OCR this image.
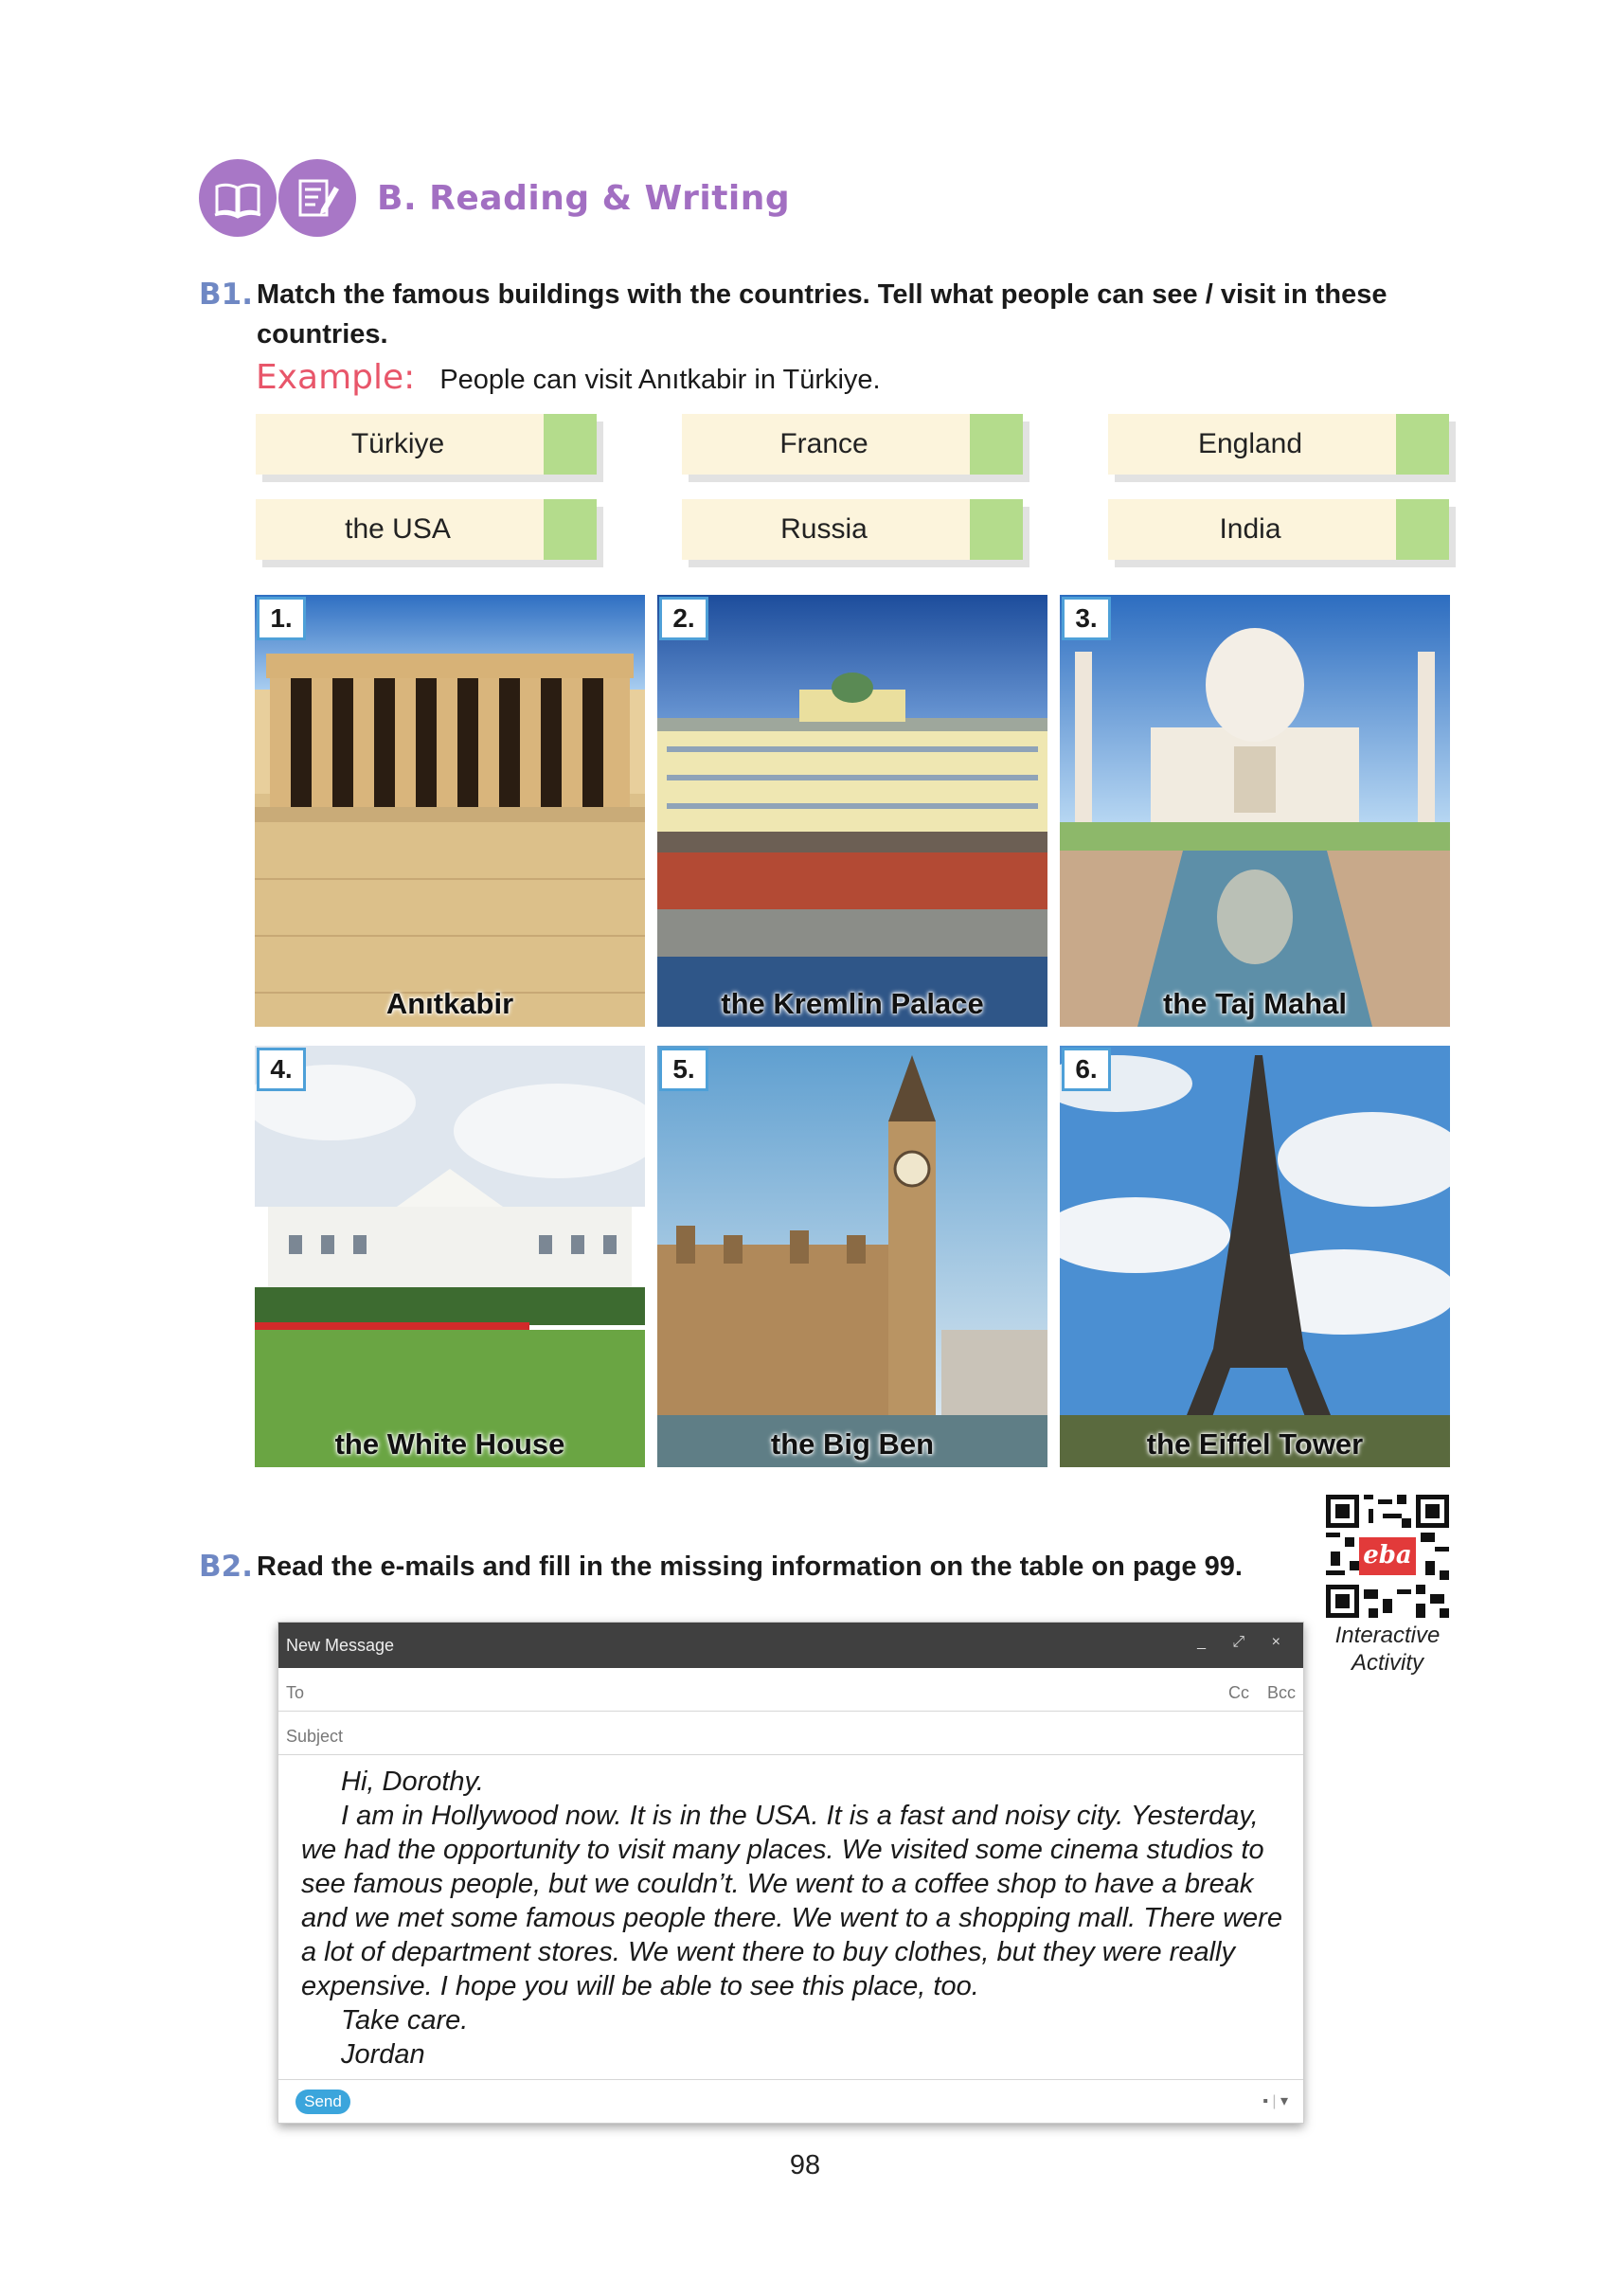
B. Reading & Writing
B1. Match the famous buildings with the countries. Tell what people can see / visit in these countries.
Example: People can visit Anıtkabir in Türkiye.
Türkiye	France	England
the USA	Russia	India
1.
Anıtkabir
2.
the Kremlin Palace
3.
the Taj Mahal
4.
the White House
5.
the Big Ben
6.
the Eiffel Tower
B2. Read the e-mails and fill in the missing information on the table on page 99.	eba
Interactive
Activity
New Message	_ ⤢ ×
To	Cc Bcc
Subject

Hi, Dorothy.

I am in Hollywood now. It is in the USA. It is a fast and noisy city. Yesterday,

we had the opportunity to visit many places. We visited some cinema studios to

see famous people, but we couldn’t. We went to a coffee shop to have a break

and we met some famous people there. We went to a shopping mall. There were

a lot of department stores. We went there to buy clothes, but they were really

expensive. I hope you will be able to see this place, too.

Take care.

Jordan

Send	▪ | ▾
98
